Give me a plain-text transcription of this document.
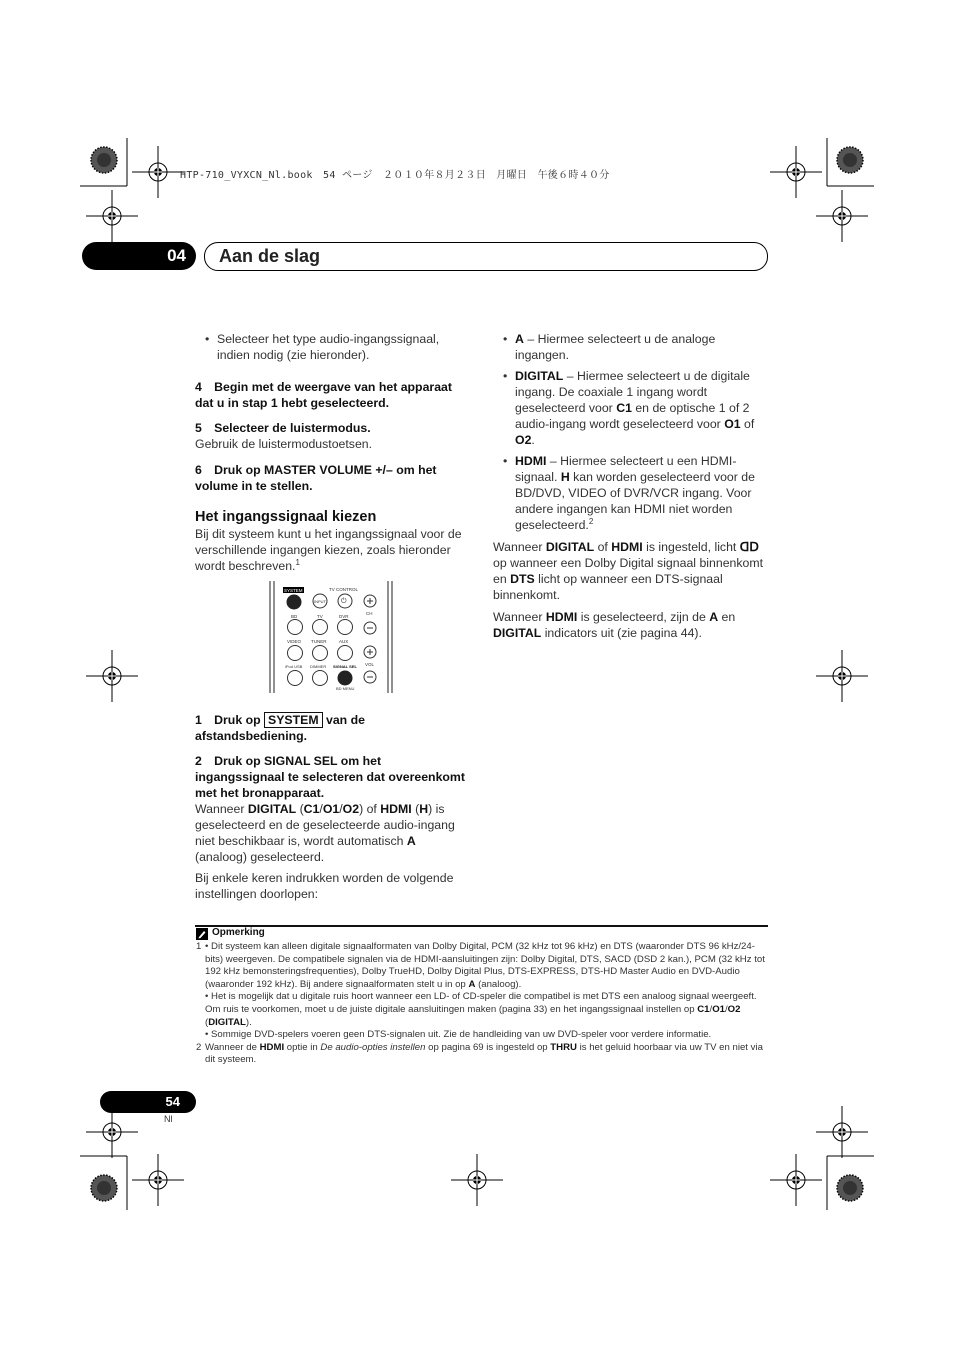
HTP-710_VYXCN_Nl.book　54 ページ　２０１０年８月２３日　月曜日　午後６時４０分
04	Aan de slag

• Selecteer het type audio-ingangssignaal, indien nodig (zie hieronder).

4　Begin met de weergave van het apparaat dat u in stap 1 hebt geselecteerd.

5　Selecteer de luistermodus.

Gebruik de luistermodustoetsen.

6　Druk op MASTER VOLUME +/– om het volume in te stellen.

Het ingangssignaal kiezen

Bij dit systeem kunt u het ingangssignaal voor de verschillende ingangen kiezen, zoals hieronder wordt beschreven.$^1$

SYSTEM	TV CONTROL
INPUT ⏻
CH
VOL
BD	TV	DVR
VIDEO TUNER	AUX
iPod USB DIMMER SIGNAL SEL
BD MENU

1　Druk op SYSTEM van de afstandsbediening.

2　Druk op SIGNAL SEL om het ingangssignaal te selecteren dat overeenkomt met het bronapparaat.

Wanneer DIGITAL (C1/O1/O2) of HDMI (H) is geselecteerd en de geselecteerde audio-ingang niet beschikbaar is, wordt automatisch A (analoog) geselecteerd.

Bij enkele keren indrukken worden de volgende instellingen doorlopen:

• A – Hiermee selecteert u de analoge ingangen.

• DIGITAL – Hiermee selecteert u de digitale ingang. De coaxiale 1 ingang wordt geselecteerd voor C1 en de optische 1 of 2 audio-ingang wordt geselecteerd voor O1 of O2.

• HDMI – Hiermee selecteert u een HDMI-signaal. H kan worden geselecteerd voor de BD/DVD, VIDEO of DVR/VCR ingang. Voor andere ingangen kan HDMI niet worden geselecteerd.$^2$

Wanneer DIGITAL of HDMI is ingesteld, licht ᗡᗞ op wanneer een Dolby Digital signaal binnenkomt en DTS licht op wanneer een DTS-signaal binnenkomt.

Wanneer HDMI is geselecteerd, zijn de A en DIGITAL indicators uit (zie pagina 44).

Opmerking
1 • Dit systeem kan alleen digitale signaalformaten van Dolby Digital, PCM (32 kHz tot 96 kHz) en DTS (waaronder DTS 96 kHz/24-bits) weergeven. De compatibele signalen via de HDMI-aansluitingen zijn: Dolby Digital, DTS, SACD (DSD 2 kan.), PCM (32 kHz tot 192 kHz bemonsteringsfrequenties), Dolby TrueHD, Dolby Digital Plus, DTS-EXPRESS, DTS-HD Master Audio en DVD-Audio (waaronder 192 kHz). Bij andere signaalformaten stelt u in op A (analoog).
• Het is mogelijk dat u digitale ruis hoort wanneer een LD- of CD-speler die compatibel is met DTS een analoog signaal weergeeft. Om ruis te voorkomen, moet u de juiste digitale aansluitingen maken (pagina 33) en het ingangssignaal instellen op C1/O1/O2 (DIGITAL).
• Sommige DVD-spelers voeren geen DTS-signalen uit. Zie de handleiding van uw DVD-speler voor verdere informatie.
2 Wanneer de HDMI optie in De audio-opties instellen op pagina 69 is ingesteld op THRU is het geluid hoorbaar via uw TV en niet via dit systeem.
54
Nl
